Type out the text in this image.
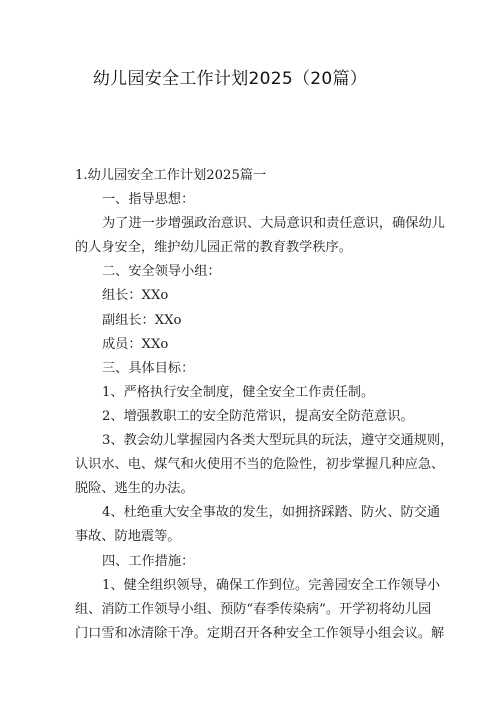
幼儿园安全工作计划2025（20篇）

1.幼儿园安全工作计划2025篇一

一、指导思想：

为了进一步增强政治意识、大局意识和责任意识，确保幼儿

的人身安全，维护幼儿园正常的教育教学秩序。

二、安全领导小组：

组长：XXo

副组长：XXo

成员：XXo

三、具体目标：

1、严格执行安全制度，健全安全工作责任制。

2、增强教职工的安全防范常识，提高安全防范意识。

3、教会幼儿掌握园内各类大型玩具的玩法，遵守交通规则，

认识水、电、煤气和火使用不当的危险性，初步掌握几种应急、

脱险、逃生的办法。

4、杜绝重大安全事故的发生，如拥挤踩踏、防火、防交通

事故、防地震等。

四、工作措施：

1、健全组织领导，确保工作到位。完善园安全工作领导小

组、消防工作领导小组、预防“春季传染病”。开学初将幼儿园

门口雪和冰清除干净。定期召开各种安全工作领导小组会议。解
